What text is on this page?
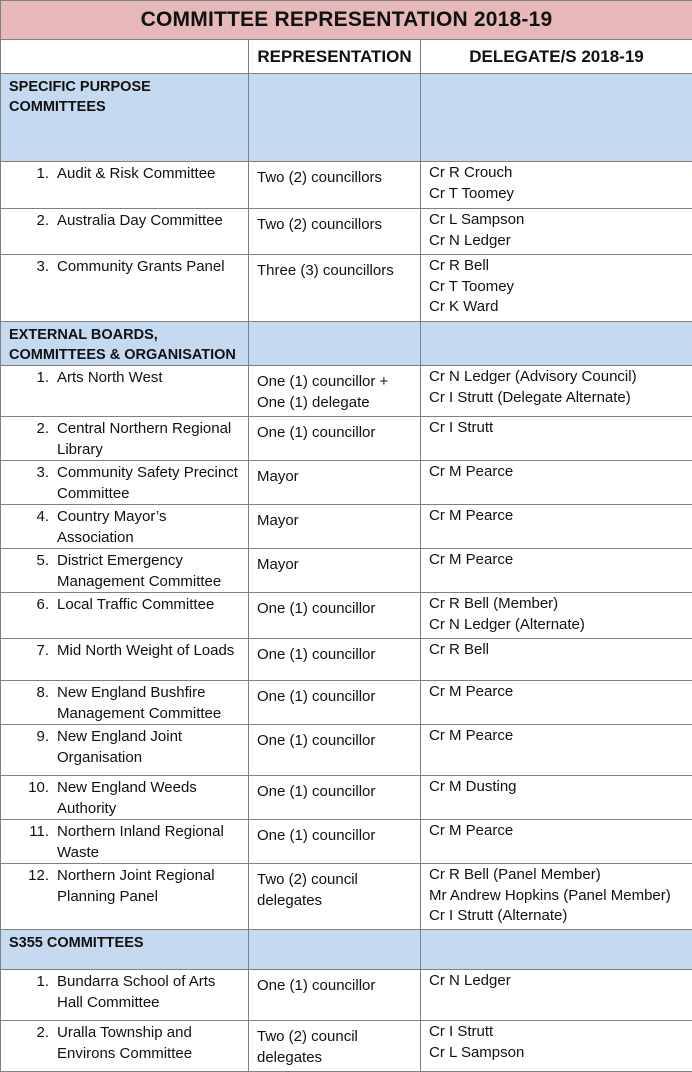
COMMITTEE REPRESENTATION 2018-19		
	REPRESENTATION	DELEGATE/S 2018-19
SPECIFIC PURPOSE COMMITTEES		

1. Audit & Risk Committee	Two (2) councillors	Cr R Crouch
Cr T Toomey

2. Australia Day Committee	Two (2) councillors	Cr L Sampson
Cr N Ledger

3. Community Grants Panel	Three (3) councillors	Cr R Bell
Cr T Toomey
Cr K Ward

EXTERNAL BOARDS,
COMMITTEES & ORGANISATION		

1. Arts North West	One (1) councillor + One (1) delegate	Cr N Ledger (Advisory Council)
Cr I Strutt (Delegate Alternate)

2. Central Northern Regional Library	One (1) councillor	Cr I Strutt

3. Community Safety Precinct Committee	Mayor	Cr M Pearce

4. Country Mayor’s Association	Mayor	Cr M Pearce

5. District Emergency Management Committee	Mayor	Cr M Pearce

6. Local Traffic Committee	One (1) councillor	Cr R Bell (Member)
Cr N Ledger (Alternate)

7. Mid North Weight of Loads	One (1) councillor	Cr R Bell

8. New England Bushfire Management Committee	One (1) councillor	Cr M Pearce

9. New England Joint Organisation	One (1) councillor	Cr M Pearce

10. New England Weeds Authority	One (1) councillor	Cr M Dusting

11. Northern Inland Regional Waste	One (1) councillor	Cr M Pearce

12. Northern Joint Regional Planning Panel	Two (2) council delegates	Cr R Bell (Panel Member)
Mr Andrew Hopkins (Panel Member)
Cr I Strutt (Alternate)

S355 COMMITTEES		

1. Bundarra School of Arts Hall Committee	One (1) councillor	Cr N Ledger

2. Uralla Township and Environs Committee	Two (2) council delegates	Cr I Strutt
Cr L Sampson
